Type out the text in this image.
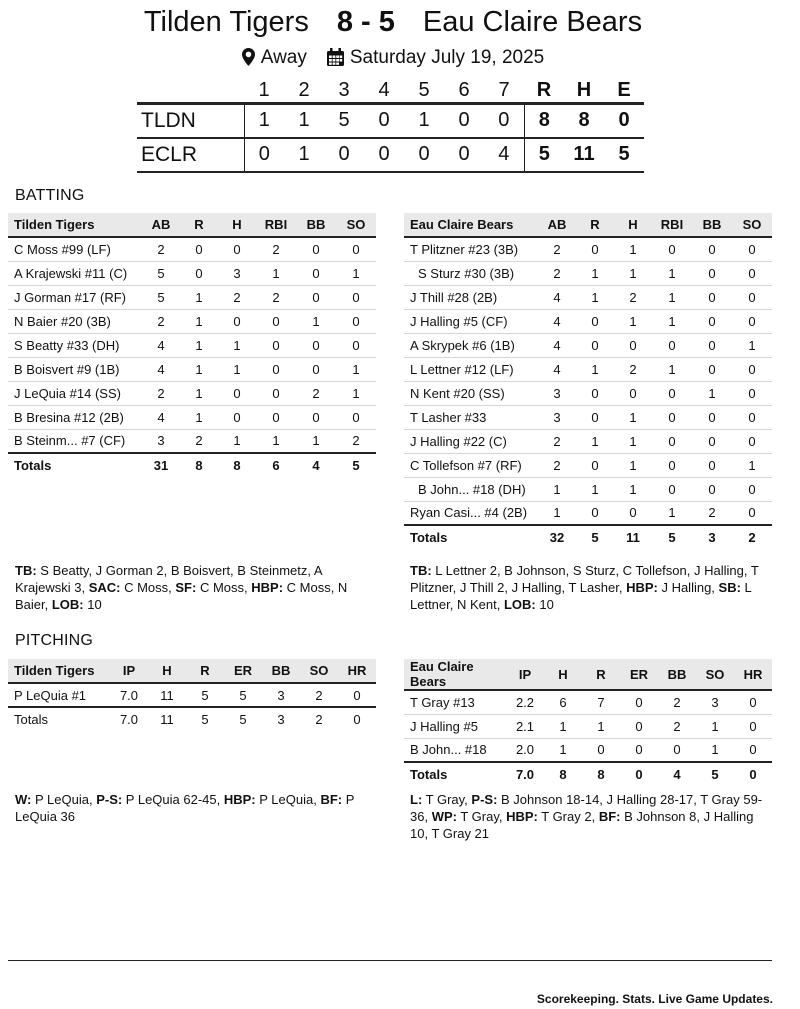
Tilden Tigers 8 - 5 Eau Claire Bears
Away Saturday July 19, 2025
	1	2	3	4	5	6	7	R	H	E
TLDN	1	1	5	0	1	0	0	8	8	0
ECLR	0	1	0	0	0	0	4	5	11	5
BATTING
Tilden Tigers	AB	R	H	RBI	BB	SO
C Moss #99 (LF)	2	0	0	2	0	0
A Krajewski #11 (C)	5	0	3	1	0	1
J Gorman #17 (RF)	5	1	2	2	0	0
N Baier #20 (3B)	2	1	0	0	1	0
S Beatty #33 (DH)	4	1	1	0	0	0
B Boisvert #9 (1B)	4	1	1	0	0	1
J LeQuia #14 (SS)	2	1	0	0	2	1
B Bresina #12 (2B)	4	1	0	0	0	0
B Steinm... #7 (CF)	3	2	1	1	1	2
Totals	31	8	8	6	4	5
Eau Claire Bears	AB	R	H	RBI	BB	SO
T Plitzner #23 (3B)	2	0	1	0	0	0
S Sturz #30 (3B)	2	1	1	1	0	0
J Thill #28 (2B)	4	1	2	1	0	0
J Halling #5 (CF)	4	0	1	1	0	0
A Skrypek #6 (1B)	4	0	0	0	0	1
L Lettner #12 (LF)	4	1	2	1	0	0
N Kent #20 (SS)	3	0	0	0	1	0
T Lasher #33	3	0	1	0	0	0
J Halling #22 (C)	2	1	1	0	0	0
C Tollefson #7 (RF)	2	0	1	0	0	1
B John... #18 (DH)	1	1	1	0	0	0
Ryan Casi... #4 (2B)	1	0	0	1	2	0
Totals	32	5	11	5	3	2
TB: S Beatty, J Gorman 2, B Boisvert, B Steinmetz, A Krajewski 3, SAC: C Moss, SF: C Moss, HBP: C Moss, N Baier, LOB: 10
TB: L Lettner 2, B Johnson, S Sturz, C Tollefson, J Halling, T Plitzner, J Thill 2, J Halling, T Lasher, HBP: J Halling, SB: L Lettner, N Kent, LOB: 10
PITCHING
Tilden Tigers	IP	H	R	ER	BB	SO	HR
P LeQuia #1	7.0	11	5	5	3	2	0
Totals	7.0	11	5	5	3	2	0
Eau Claire Bears	IP	H	R	ER	BB	SO	HR
T Gray #13	2.2	6	7	0	2	3	0
J Halling #5	2.1	1	1	0	2	1	0
B John... #18	2.0	1	0	0	0	1	0
Totals	7.0	8	8	0	4	5	0
W: P LeQuia, P-S: P LeQuia 62-45, HBP: P LeQuia, BF: P LeQuia 36
L: T Gray, P-S: B Johnson 18-14, J Halling 28-17, T Gray 59-36, WP: T Gray, HBP: T Gray 2, BF: B Johnson 8, J Halling 10, T Gray 21
Scorekeeping. Stats. Live Game Updates.
